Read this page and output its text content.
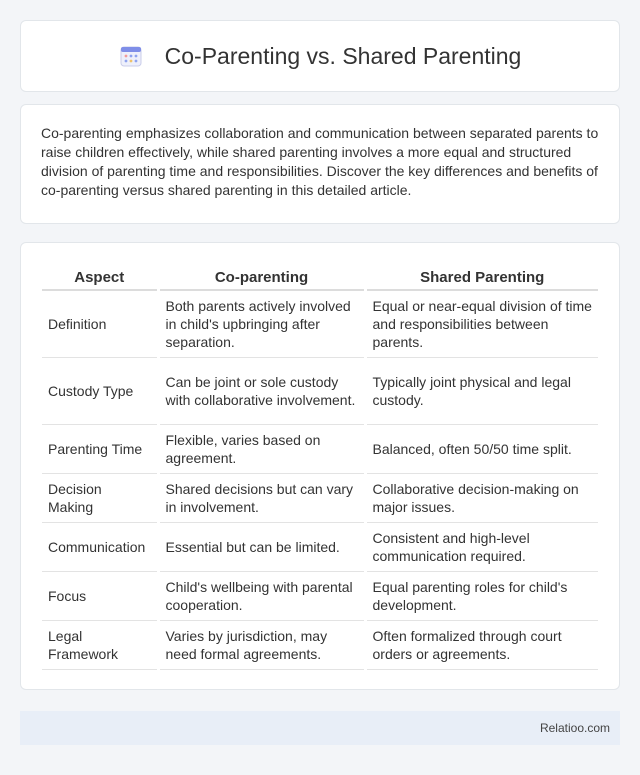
Co-Parenting vs. Shared Parenting

Co-parenting emphasizes collaboration and communication between separated parents to raise children effectively, while shared parenting involves a more equal and structured division of parenting time and responsibilities. Discover the key differences and benefits of co-parenting versus shared parenting in this detailed article.

Aspect	Co-parenting	Shared Parenting
Definition	Both parents actively involved in child's upbringing after separation.	Equal or near-equal division of time and responsibilities between parents.
Custody Type	Can be joint or sole custody with collaborative involvement.	Typically joint physical and legal custody.
Parenting Time	Flexible, varies based on agreement.	Balanced, often 50/50 time split.
Decision Making	Shared decisions but can vary in involvement.	Collaborative decision-making on major issues.
Communication	Essential but can be limited.	Consistent and high-level communication required.
Focus	Child's wellbeing with parental cooperation.	Equal parenting roles for child's development.
Legal Framework	Varies by jurisdiction, may need formal agreements.	Often formalized through court orders or agreements.
Relatioo.com
